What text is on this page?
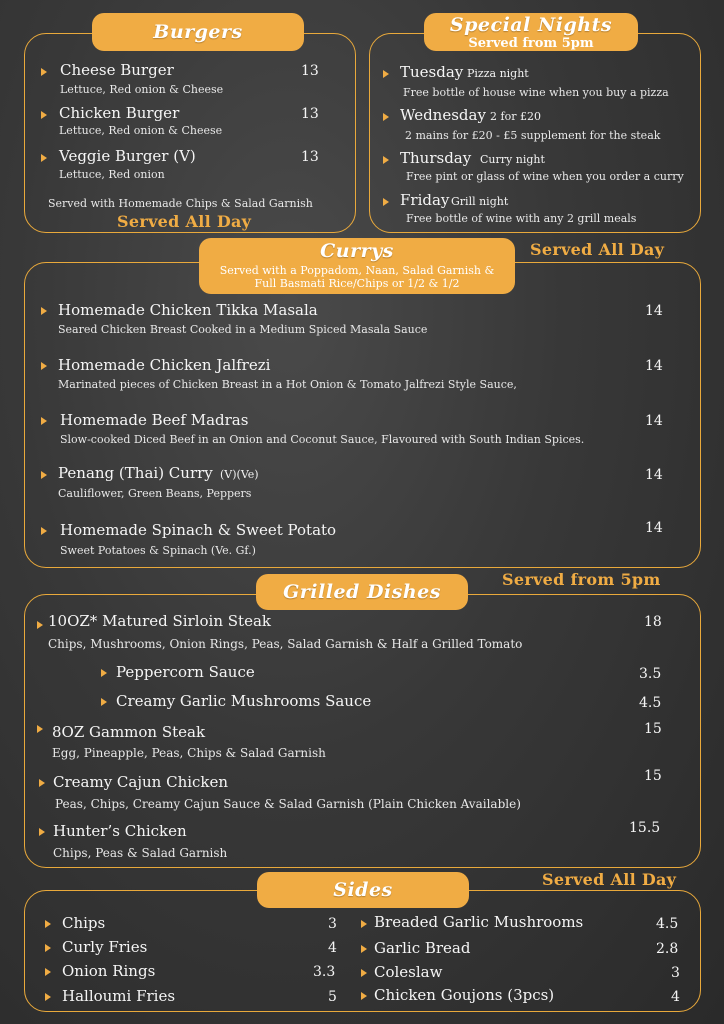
Burgers
Cheese Burger	13
Lettuce, Red onion & Cheese
Chicken Burger	13
Lettuce, Red onion & Cheese
Veggie Burger (V)	13
Lettuce, Red onion
Served with Homemade Chips & Salad Garnish
Served All Day
Special Nights
Served from 5pm
Tuesday Pizza night
Free bottle of house wine when you buy a pizza
Wednesday 2 for £20
2 mains for £20 - £5 supplement for the steak
Thursday Curry night
Free pint or glass of wine when you order a curry
Friday Grill night
Free bottle of wine with any 2 grill meals
Currys
Served with a Poppadom, Naan, Salad Garnish &
Full Basmati Rice/Chips or 1/2 & 1/2
Served All Day
Homemade Chicken Tikka Masala	14
Seared Chicken Breast Cooked in a Medium Spiced Masala Sauce
Homemade Chicken Jalfrezi	14
Marinated pieces of Chicken Breast in a Hot Onion & Tomato Jalfrezi Style Sauce,
Homemade Beef Madras	14
Slow-cooked Diced Beef in an Onion and Coconut Sauce, Flavoured with South Indian Spices.
Penang (Thai) Curry (V)(Ve)	14
Cauliflower, Green Beans, Peppers
Homemade Spinach & Sweet Potato	14
Sweet Potatoes & Spinach (Ve. Gf.)
Grilled Dishes
Served from 5pm
10OZ* Matured Sirloin Steak	18
Chips, Mushrooms, Onion Rings, Peas, Salad Garnish & Half a Grilled Tomato
Peppercorn Sauce	3.5
Creamy Garlic Mushrooms Sauce	4.5
8OZ Gammon Steak	15
Egg, Pineapple, Peas, Chips & Salad Garnish
Creamy Cajun Chicken	15
Peas, Chips, Creamy Cajun Sauce & Salad Garnish (Plain Chicken Available)
Hunter’s Chicken	15.5
Chips, Peas & Salad Garnish
Sides	Served All Day
Chips	3
Curly Fries	4
Onion Rings	3.3
Halloumi Fries	5
Breaded Garlic Mushrooms	4.5
Garlic Bread	2.8
Coleslaw	3
Chicken Goujons (3pcs)	4
